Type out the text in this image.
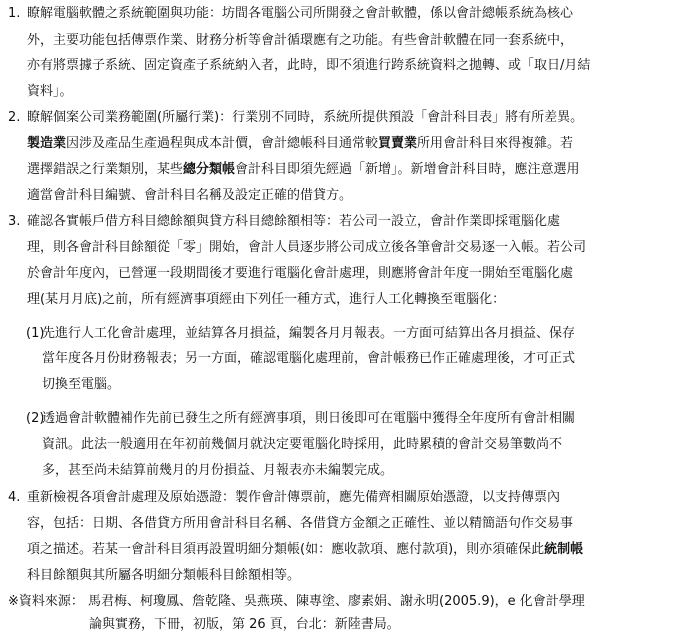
1. 瞭解電腦軟體之系統範圍與功能：坊間各電腦公司所開發之會計軟體，係以會計總帳系統為核心
外，主要功能包括傳票作業、財務分析等會計循環應有之功能。有些會計軟體在同一套系統中，
亦有將票據子系統、固定資產子系統納入者，此時，即不須進行跨系統資料之拋轉、或「取日/月結
資料」。
2. 瞭解個案公司業務範圍(所屬行業)：行業別不同時，系統所提供預設「會計科目表」將有所差異。
製造業因涉及產品生產過程與成本計價，會計總帳科目通常較買賣業所用會計科目來得複雜。若
選擇錯誤之行業類別，某些總分類帳會計科目即須先經過「新增」。新增會計科目時，應注意選用
適當會計科目編號、會計科目名稱及設定正確的借貸方。
3. 確認各實帳戶借方科目總餘額與貸方科目總餘額相等：若公司一設立，會計作業即採電腦化處
理，則各會計科目餘額從「零」開始，會計人員逐步將公司成立後各筆會計交易逐一入帳。若公司
於會計年度內，已營運一段期間後才要進行電腦化會計處理，則應將會計年度一開始至電腦化處
理(某月月底)之前，所有經濟事項經由下列任一種方式，進行人工化轉換至電腦化：
(1)
先進行人工化會計處理，並結算各月損益，編製各月月報表。一方面可結算出各月損益、保存
當年度各月份財務報表；另一方面，確認電腦化處理前，會計帳務已作正確處理後，才可正式
切換至電腦。
(2)
透過會計軟體補作先前已發生之所有經濟事項，則日後即可在電腦中獲得全年度所有會計相關
資訊。此法一般適用在年初前幾個月就決定要電腦化時採用，此時累積的會計交易筆數尚不
多，甚至尚未結算前幾月的月份損益、月報表亦未編製完成。
4. 重新檢視各項會計處理及原始憑證：製作會計傳票前，應先備齊相關原始憑證，以支持傳票內
容，包括：日期、各借貸方所用會計科目名稱、各借貸方金額之正確性、並以精簡語句作交易事
項之描述。若某一會計科目須再設置明細分類帳(如：應收款項、應付款項)，則亦須確保此統制帳
科目餘額與其所屬各明細分類帳科目餘額相等。
※資料來源： 馬君梅、柯瓊鳳、詹乾隆、吳燕瑛、陳專塗、廖素娟、謝永明(2005.9)，e 化會計學理
論與實務，下冊，初版，第 26 頁，台北：新陸書局。
